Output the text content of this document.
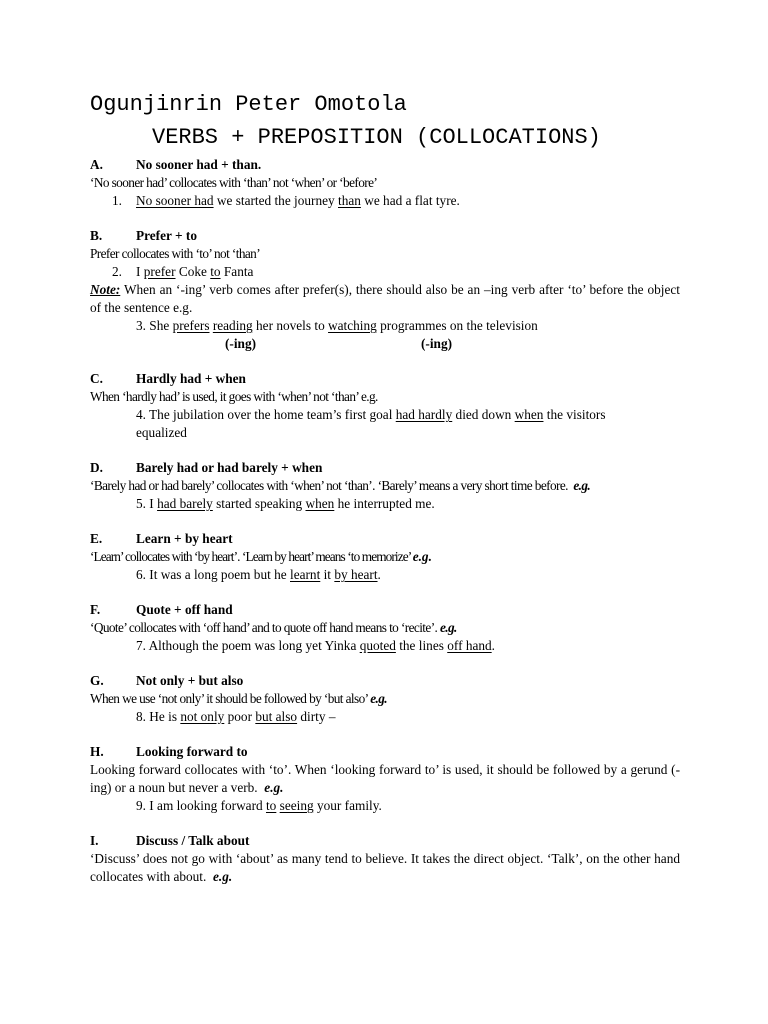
Ogunjinrin Peter Omotola
VERBS + PREPOSITION (COLLOCATIONS)
A. No sooner had + than.
‘No sooner had’ collocates with ‘than’ not ‘when’ or ‘before’
1. No sooner had we started the journey than we had a flat tyre.
B.	Prefer + to
Prefer collocates with ‘to’ not ‘than’
2. I prefer Coke to Fanta
Note: When an ‘-ing’ verb comes after prefer(s), there should also be an –ing verb after ‘to’ before the object of the sentence e.g.
3. She prefers reading her novels to watching programmes on the television
(-ing)	(-ing)
C. Hardly had + when
When ‘hardly had’ is used, it goes with ‘when’ not ‘than’ e.g.
4. The jubilation over the home team’s first goal had hardly died down when the visitors
equalized
D. Barely had or had barely + when
‘Barely had or had barely’ collocates with ‘when’ not ‘than’. ‘Barely’ means a very short time before. e.g.
5. I had barely started speaking when he interrupted me.
E.	Learn + by heart
‘Learn’ collocates with ‘by heart’. ‘Learn by heart’ means ‘to memorize’ e.g.
6. It was a long poem but he learnt it by heart.
F.	Quote + off hand
‘Quote’ collocates with ‘off hand’ and to quote off hand means to ‘recite’. e.g.
7. Although the poem was long yet Yinka quoted the lines off hand.
G. Not only + but also
When we use ‘not only’ it should be followed by ‘but also’ e.g.
8. He is not only poor but also dirty –
H. Looking forward to
Looking forward collocates with ‘to’. When ‘looking forward to’ is used, it should be followed by a gerund (-ing) or a noun but never a verb. e.g.
9. I am looking forward to seeing your family.
I.	Discuss / Talk about
‘Discuss’ does not go with ‘about’ as many tend to believe. It takes the direct object. ‘Talk’, on the other hand collocates with about. e.g.
